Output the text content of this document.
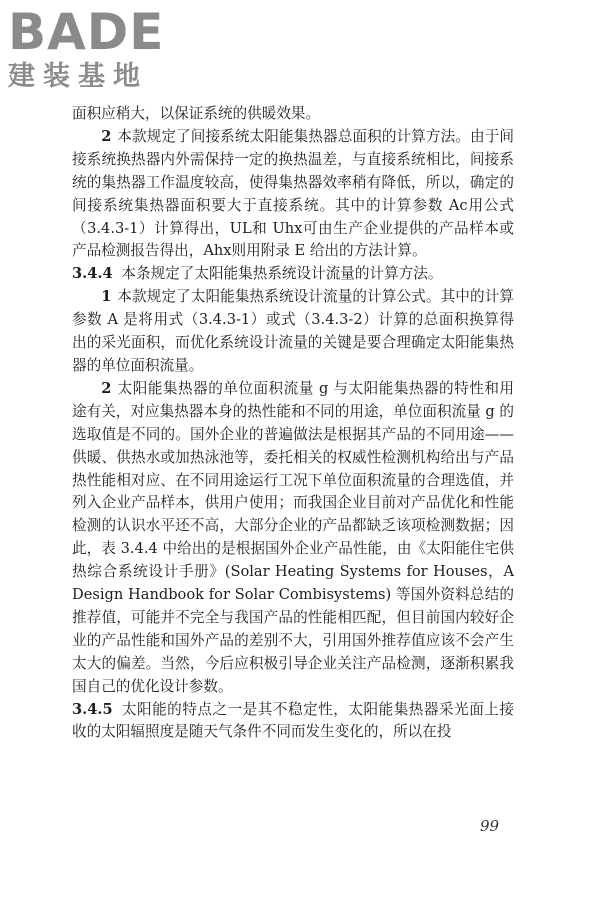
BADE
建装基地

面积应稍大，以保证系统的供暖效果。

2 本款规定了间接系统太阳能集热器总面积的计算方法。由于间接系统换热器内外需保持一定的换热温差，与直接系统相比，间接系统的集热器工作温度较高，使得集热器效率稍有降低，所以，确定的间接系统集热器面积要大于直接系统。其中的计算参数 Ac用公式（3.4.3-1）计算得出，UL和 Uhx可由生产企业提供的产品样本或产品检测报告得出，Ahx则用附录 E 给出的方法计算。

3.4.4 本条规定了太阳能集热系统设计流量的计算方法。

1 本款规定了太阳能集热系统设计流量的计算公式。其中的计算参数 A 是将用式（3.4.3-1）或式（3.4.3-2）计算的总面积换算得出的采光面积，而优化系统设计流量的关键是要合理确定太阳能集热器的单位面积流量。

2 太阳能集热器的单位面积流量 g 与太阳能集热器的特性和用途有关，对应集热器本身的热性能和不同的用途，单位面积流量 g 的选取值是不同的。国外企业的普遍做法是根据其产品的不同用途——供暖、供热水或加热泳池等，委托相关的权威性检测机构给出与产品热性能相对应、在不同用途运行工况下单位面积流量的合理选值，并列入企业产品样本，供用户使用；而我国企业目前对产品优化和性能检测的认识水平还不高，大部分企业的产品都缺乏该项检测数据；因此，表 3.4.4 中给出的是根据国外企业产品性能，由《太阳能住宅供热综合系统设计手册》(Solar Heating Systems for Houses，A Design Handbook for Solar Combisystems) 等国外资料总结的推荐值，可能并不完全与我国产品的性能相匹配，但目前国内较好企业的产品性能和国外产品的差别不大，引用国外推荐值应该不会产生太大的偏差。当然，今后应积极引导企业关注产品检测，逐渐积累我国自己的优化设计参数。

3.4.5 太阳能的特点之一是其不稳定性，太阳能集热器采光面上接收的太阳辐照度是随天气条件不同而发生变化的，所以在投

99
